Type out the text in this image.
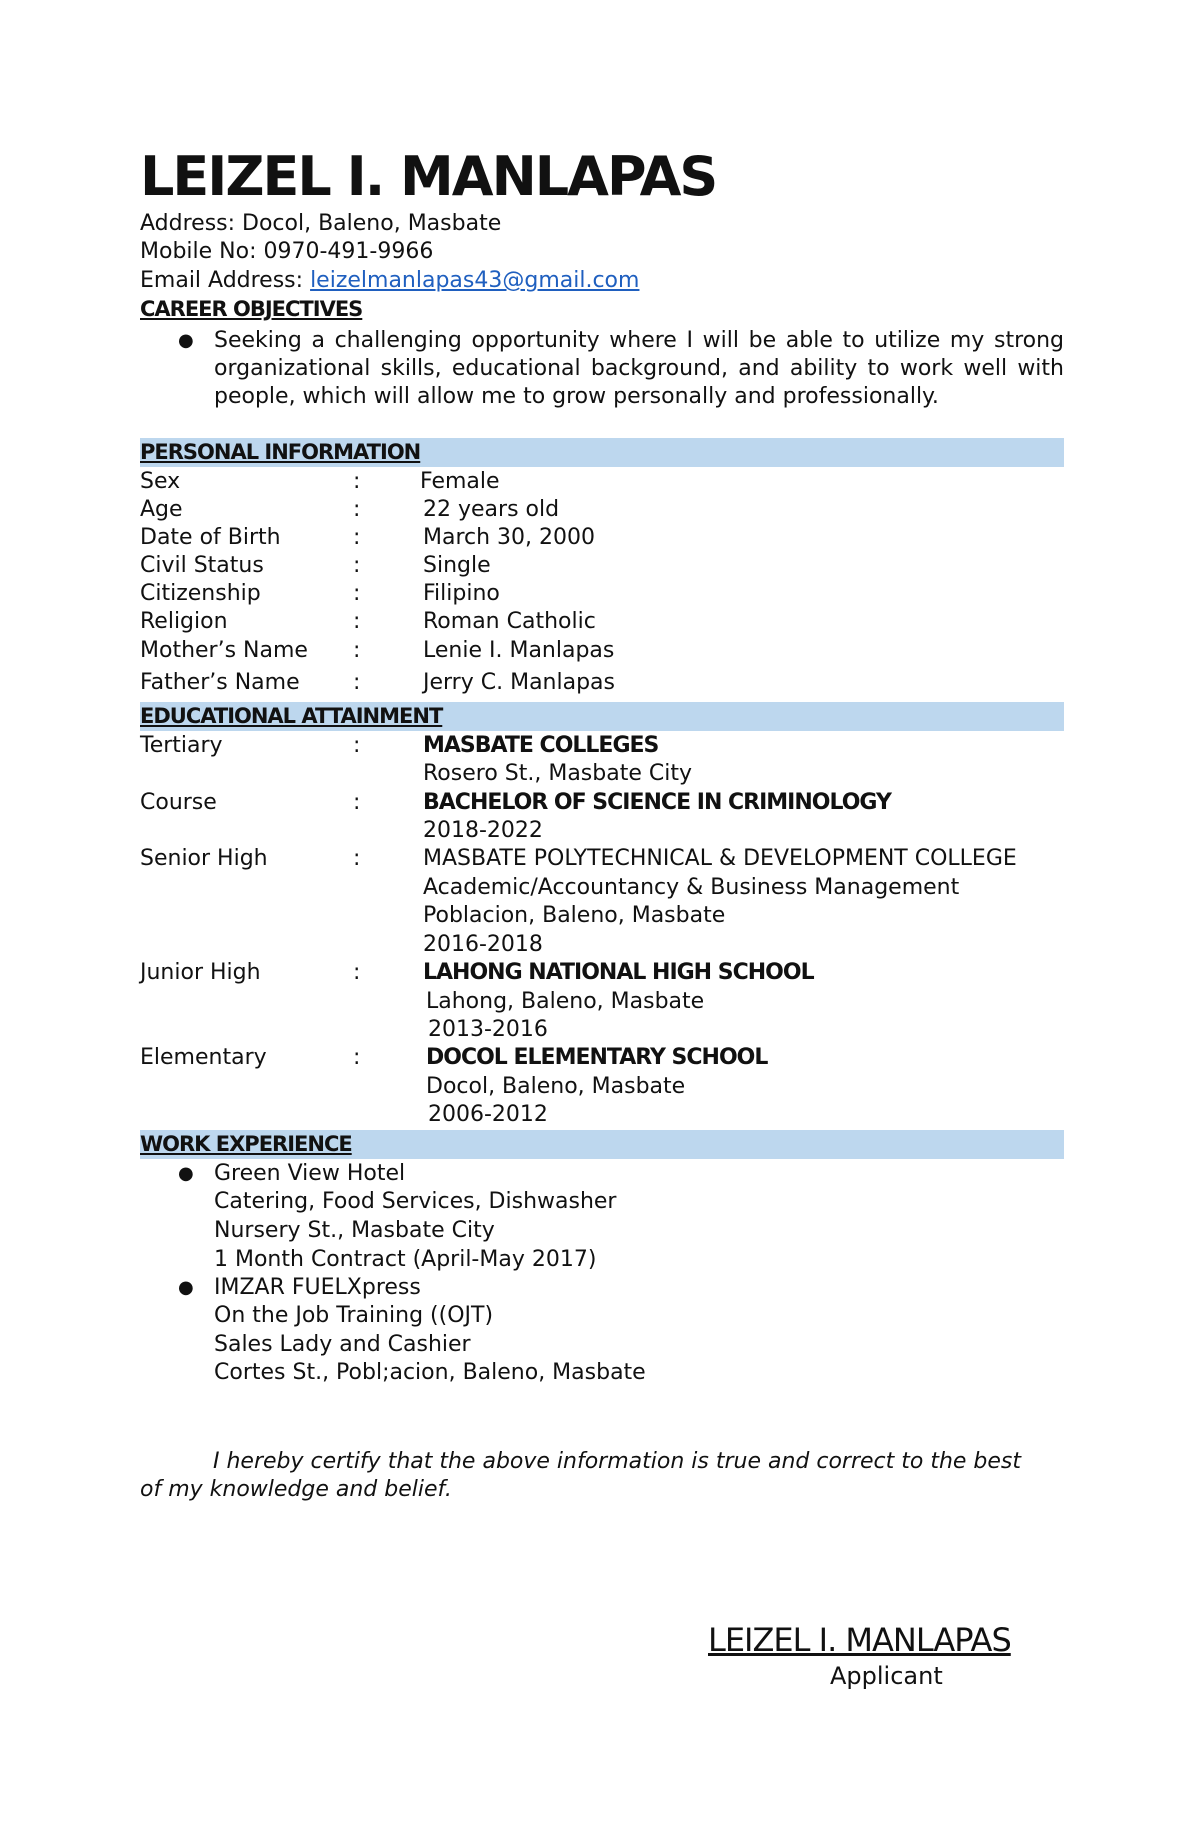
LEIZEL I. MANLAPAS
Address: Docol, Baleno, Masbate
Mobile No: 0970-491-9966
Email Address: leizelmanlapas43@gmail.com
CAREER OBJECTIVES
● Seeking a challenging opportunity where I will be able to utilize my strong organizational skills, educational background, and ability to work well with people, which will allow me to grow personally and professionally.
PERSONAL INFORMATION
Sex	:	Female
Age	:	22 years old
Date of Birth	:	March 30, 2000
Civil Status	:	Single
Citizenship	:	Filipino
Religion	:	Roman Catholic
Mother’s Name :	Lenie I. Manlapas
Father’s Name :	Jerry C. Manlapas
EDUCATIONAL ATTAINMENT
Tertiary	:	MASBATE COLLEGES
Rosero St., Masbate City
Course	:	BACHELOR OF SCIENCE IN CRIMINOLOGY
2018-2022
Senior High	:	MASBATE POLYTECHNICAL & DEVELOPMENT COLLEGE
Academic/Accountancy & Business Management
Poblacion, Baleno, Masbate
2016-2018
Junior High	:	LAHONG NATIONAL HIGH SCHOOL
Lahong, Baleno, Masbate
2013-2016
Elementary	:	DOCOL ELEMENTARY SCHOOL
Docol, Baleno, Masbate
2006-2012
WORK EXPERIENCE
● Green View Hotel
Catering, Food Services, Dishwasher
Nursery St., Masbate City
1 Month Contract (April-May 2017)
● IMZAR FUELXpress
On the Job Training ((OJT)
Sales Lady and Cashier
Cortes St., Pobl;acion, Baleno, Masbate
I hereby certify that the above information is true and correct to the best of my knowledge and belief.
LEIZEL I. MANLAPAS
Applicant
